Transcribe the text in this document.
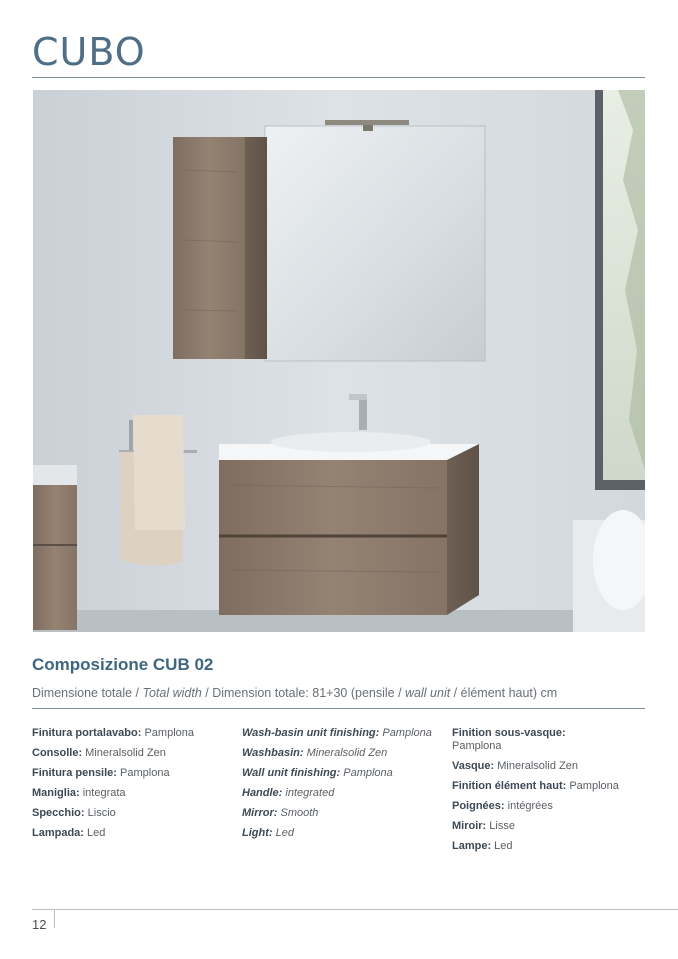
CUBO
Composizione CUB 02
Dimensione totale / Total width / Dimension totale: 81+30 (pensile / wall unit / élément haut) cm
Finitura portalavabo: Pamplona
Consolle: Mineralsolid Zen
Finitura pensile: Pamplona
Maniglia: integrata
Specchio: Liscio
Lampada: Led
Wash-basin unit finishing: Pamplona
Washbasin: Mineralsolid Zen
Wall unit finishing: Pamplona
Handle: integrated
Mirror: Smooth
Light: Led
Finition sous-vasque:
Pamplona
Vasque: Mineralsolid Zen
Finition élément haut: Pamplona
Poignées: intégrées
Miroir: Lisse
Lampe: Led
12
